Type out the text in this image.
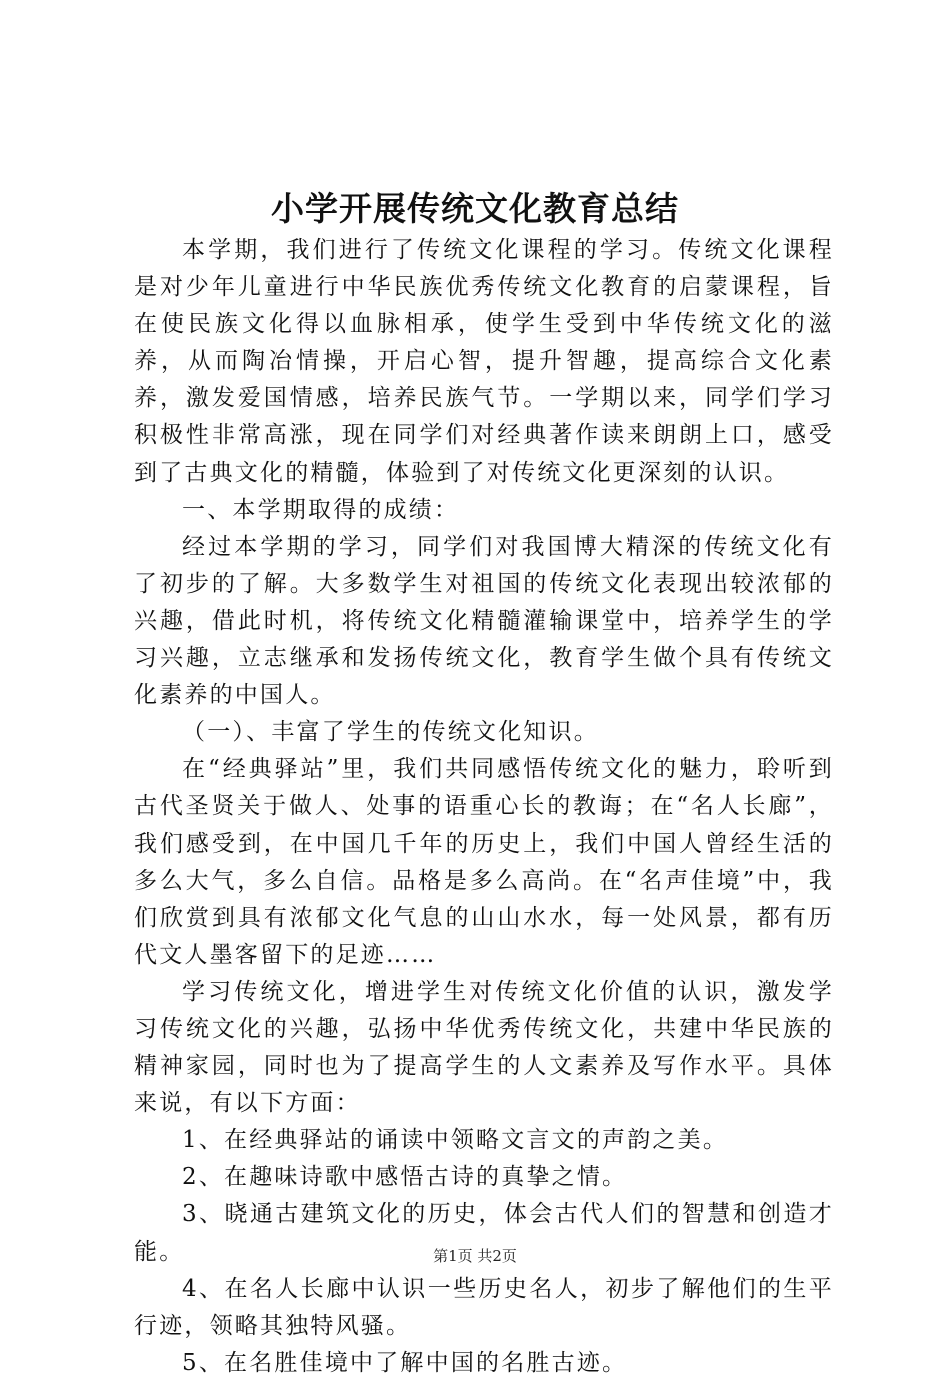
小学开展传统文化教育总结

本学期，我们进行了传统文化课程的学习。传统文化课程是对少年儿童进行中华民族优秀传统文化教育的启蒙课程，旨在使民族文化得以血脉相承，使学生受到中华传统文化的滋养，从而陶冶情操，开启心智，提升智趣，提高综合文化素养，激发爱国情感，培养民族气节。一学期以来，同学们学习积极性非常高涨，现在同学们对经典著作读来朗朗上口，感受到了古典文化的精髓，体验到了对传统文化更深刻的认识。

一、本学期取得的成绩：

经过本学期的学习，同学们对我国博大精深的传统文化有了初步的了解。大多数学生对祖国的传统文化表现出较浓郁的兴趣，借此时机，将传统文化精髓灌输课堂中，培养学生的学习兴趣，立志继承和发扬传统文化，教育学生做个具有传统文化素养的中国人。

（一）、丰富了学生的传统文化知识。

在“经典驿站”里，我们共同感悟传统文化的魅力，聆听到古代圣贤关于做人、处事的语重心长的教诲；在“名人长廊”，我们感受到，在中国几千年的历史上，我们中国人曾经生活的多么大气，多么自信。品格是多么高尚。在“名声佳境”中，我们欣赏到具有浓郁文化气息的山山水水，每一处风景，都有历代文人墨客留下的足迹……

学习传统文化，增进学生对传统文化价值的认识，激发学习传统文化的兴趣，弘扬中华优秀传统文化，共建中华民族的精神家园，同时也为了提高学生的人文素养及写作水平。具体来说，有以下方面：

1、在经典驿站的诵读中领略文言文的声韵之美。

2、在趣味诗歌中感悟古诗的真挚之情。

3、晓通古建筑文化的历史，体会古代人们的智慧和创造才能。

4、在名人长廊中认识一些历史名人，初步了解他们的生平行迹，领略其独特风骚。

5、在名胜佳境中了解中国的名胜古迹。

第1页 共2页
